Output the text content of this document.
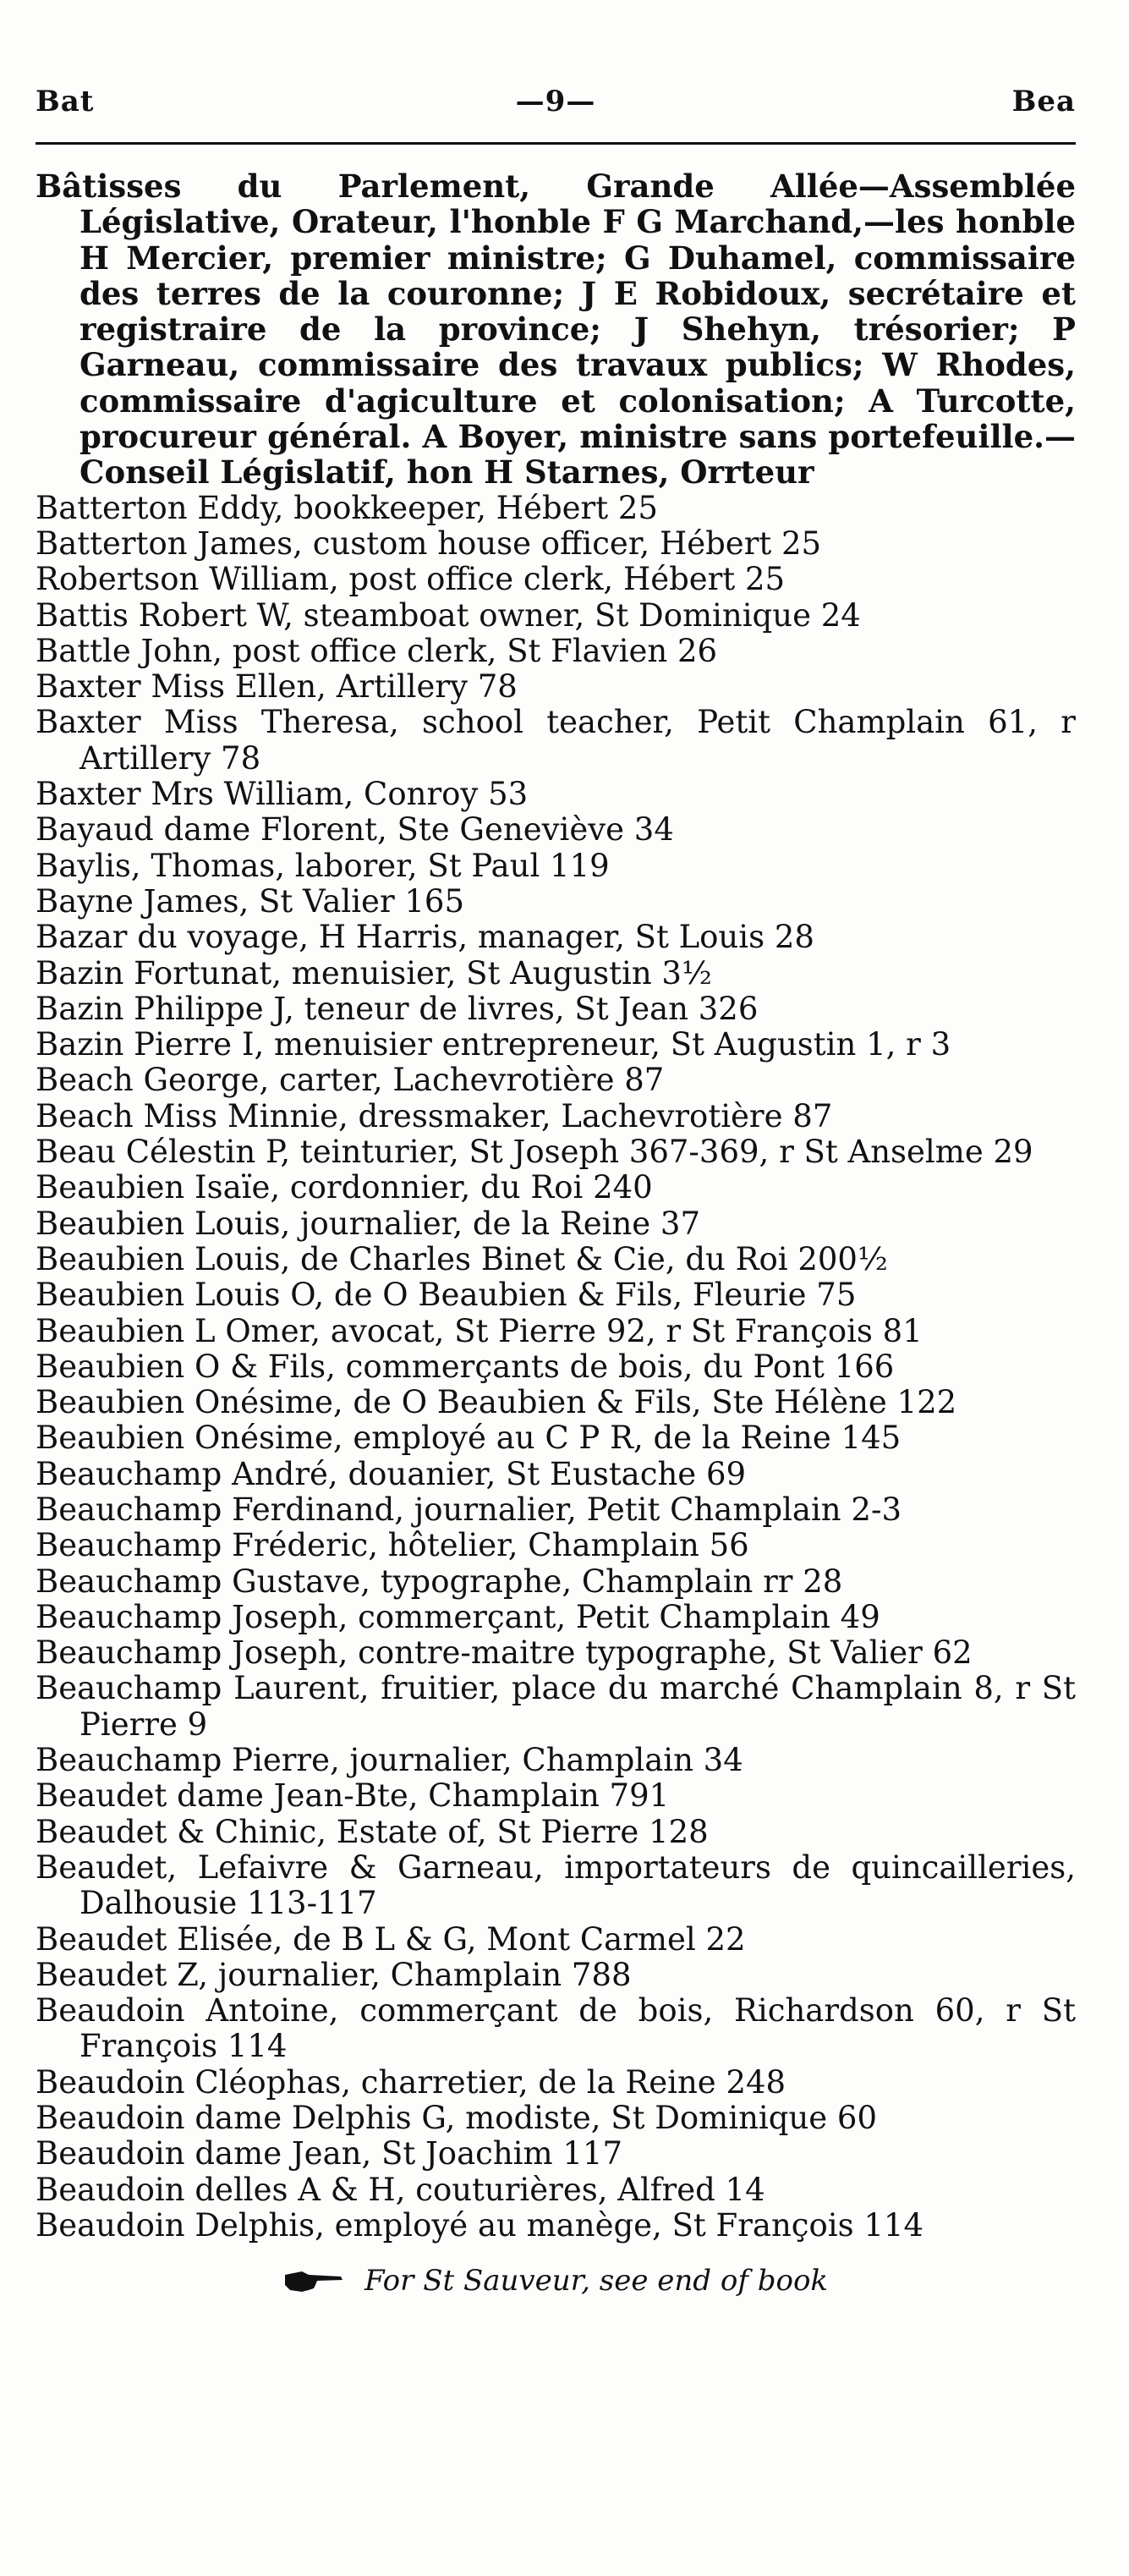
Bat	—9—	Bea
Bâtisses du Parlement, Grande Allée—Assemblée Législative, Orateur, l'honble F G Marchand,—les honble H Mercier, premier ministre; G Duhamel, commissaire des terres de la couronne; J E Robidoux, secrétaire et registraire de la province; J Shehyn, trésorier; P Garneau, commissaire des travaux publics; W Rhodes, commissaire d'agiculture et colonisation; A Turcotte, procureur général. A Boyer, ministre sans portefeuille.—Conseil Législatif, hon H Starnes, Orrteur
Batterton Eddy, bookkeeper, Hébert 25
Batterton James, custom house officer, Hébert 25
Robertson William, post office clerk, Hébert 25
Battis Robert W, steamboat owner, St Dominique 24
Battle John, post office clerk, St Flavien 26
Baxter Miss Ellen, Artillery 78
Baxter Miss Theresa, school teacher, Petit Champlain 61, r Artillery 78
Baxter Mrs William, Conroy 53
Bayaud dame Florent, Ste Geneviève 34
Baylis, Thomas, laborer, St Paul 119
Bayne James, St Valier 165
Bazar du voyage, H Harris, manager, St Louis 28
Bazin Fortunat, menuisier, St Augustin 3½
Bazin Philippe J, teneur de livres, St Jean 326
Bazin Pierre I, menuisier entrepreneur, St Augustin 1, r 3
Beach George, carter, Lachevrotière 87
Beach Miss Minnie, dressmaker, Lachevrotière 87
Beau Célestin P, teinturier, St Joseph 367-369, r St Anselme 29
Beaubien Isaïe, cordonnier, du Roi 240
Beaubien Louis, journalier, de la Reine 37
Beaubien Louis, de Charles Binet & Cie, du Roi 200½
Beaubien Louis O, de O Beaubien & Fils, Fleurie 75
Beaubien L Omer, avocat, St Pierre 92, r St François 81
Beaubien O & Fils, commerçants de bois, du Pont 166
Beaubien Onésime, de O Beaubien & Fils, Ste Hélène 122
Beaubien Onésime, employé au C P R, de la Reine 145
Beauchamp André, douanier, St Eustache 69
Beauchamp Ferdinand, journalier, Petit Champlain 2-3
Beauchamp Fréderic, hôtelier, Champlain 56
Beauchamp Gustave, typographe, Champlain rr 28
Beauchamp Joseph, commerçant, Petit Champlain 49
Beauchamp Joseph, contre-maitre typographe, St Valier 62
Beauchamp Laurent, fruitier, place du marché Champlain 8, r St Pierre 9
Beauchamp Pierre, journalier, Champlain 34
Beaudet dame Jean-Bte, Champlain 791
Beaudet & Chinic, Estate of, St Pierre 128
Beaudet, Lefaivre & Garneau, importateurs de quincailleries, Dalhousie 113-117
Beaudet Elisée, de B L & G, Mont Carmel 22
Beaudet Z, journalier, Champlain 788
Beaudoin Antoine, commerçant de bois, Richardson 60, r St François 114
Beaudoin Cléophas, charretier, de la Reine 248
Beaudoin dame Delphis G, modiste, St Dominique 60
Beaudoin dame Jean, St Joachim 117
Beaudoin delles A & H, couturières, Alfred 14
Beaudoin Delphis, employé au manège, St François 114
For St Sauveur, see end of book
